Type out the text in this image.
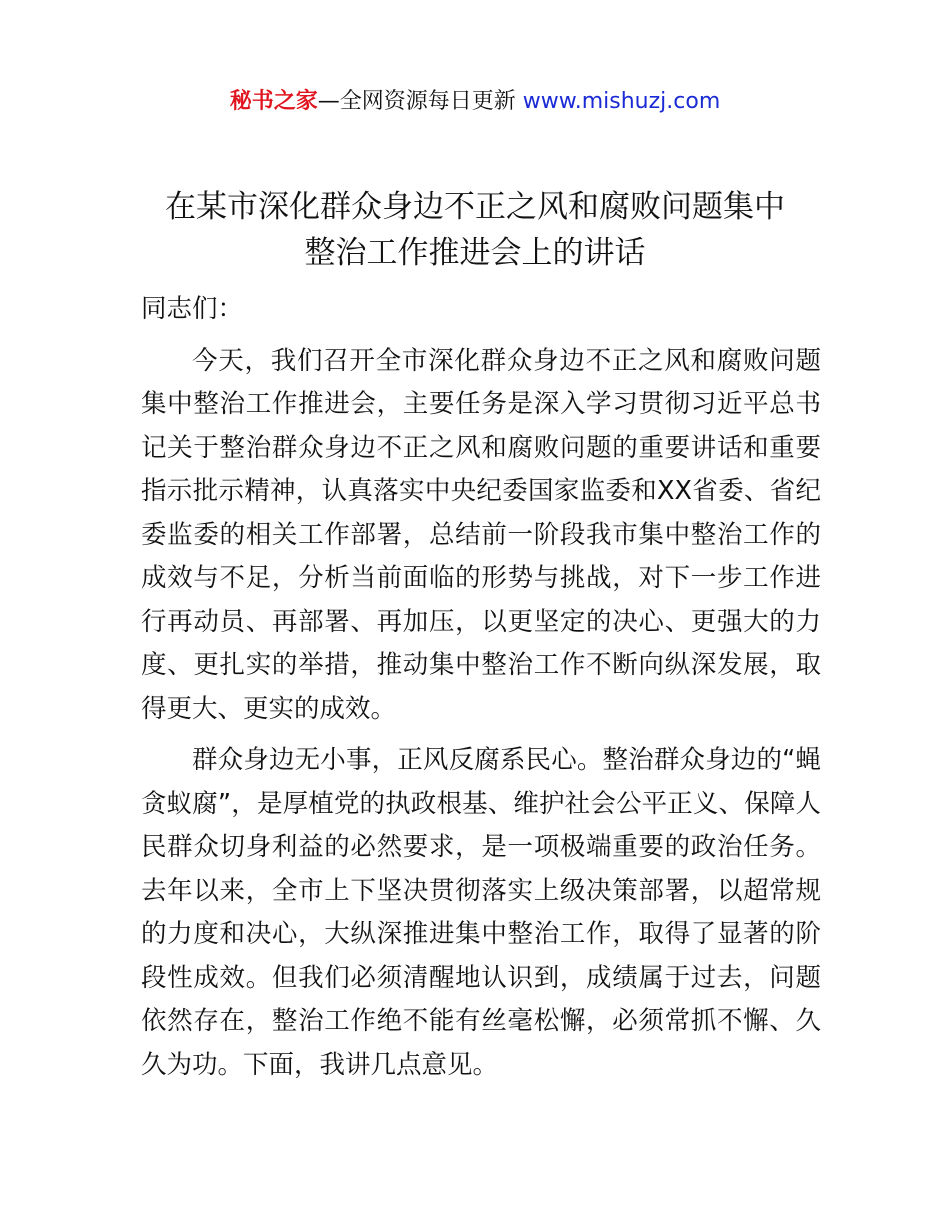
秘书之家—全网资源每日更新 www.mishuzj.com
在某市深化群众身边不正之风和腐败问题集中
整治工作推进会上的讲话

同志们：

今天，我们召开全市深化群众身边不正之风和腐败问题集中整治工作推进会，主要任务是深入学习贯彻习近平总书记关于整治群众身边不正之风和腐败问题的重要讲话和重要指示批示精神，认真落实中央纪委国家监委和XX省委、省纪委监委的相关工作部署，总结前一阶段我市集中整治工作的成效与不足，分析当前面临的形势与挑战，对下一步工作进行再动员、再部署、再加压，以更坚定的决心、更强大的力度、更扎实的举措，推动集中整治工作不断向纵深发展，取得更大、更实的成效。

群众身边无小事，正风反腐系民心。整治群众身边的“蝇贪蚁腐”，是厚植党的执政根基、维护社会公平正义、保障人民群众切身利益的必然要求，是一项极端重要的政治任务。去年以来，全市上下坚决贯彻落实上级决策部署，以超常规的力度和决心，大纵深推进集中整治工作，取得了显著的阶段性成效。但我们必须清醒地认识到，成绩属于过去，问题依然存在，整治工作绝不能有丝毫松懈，必须常抓不懈、久久为功。下面，我讲几点意见。
